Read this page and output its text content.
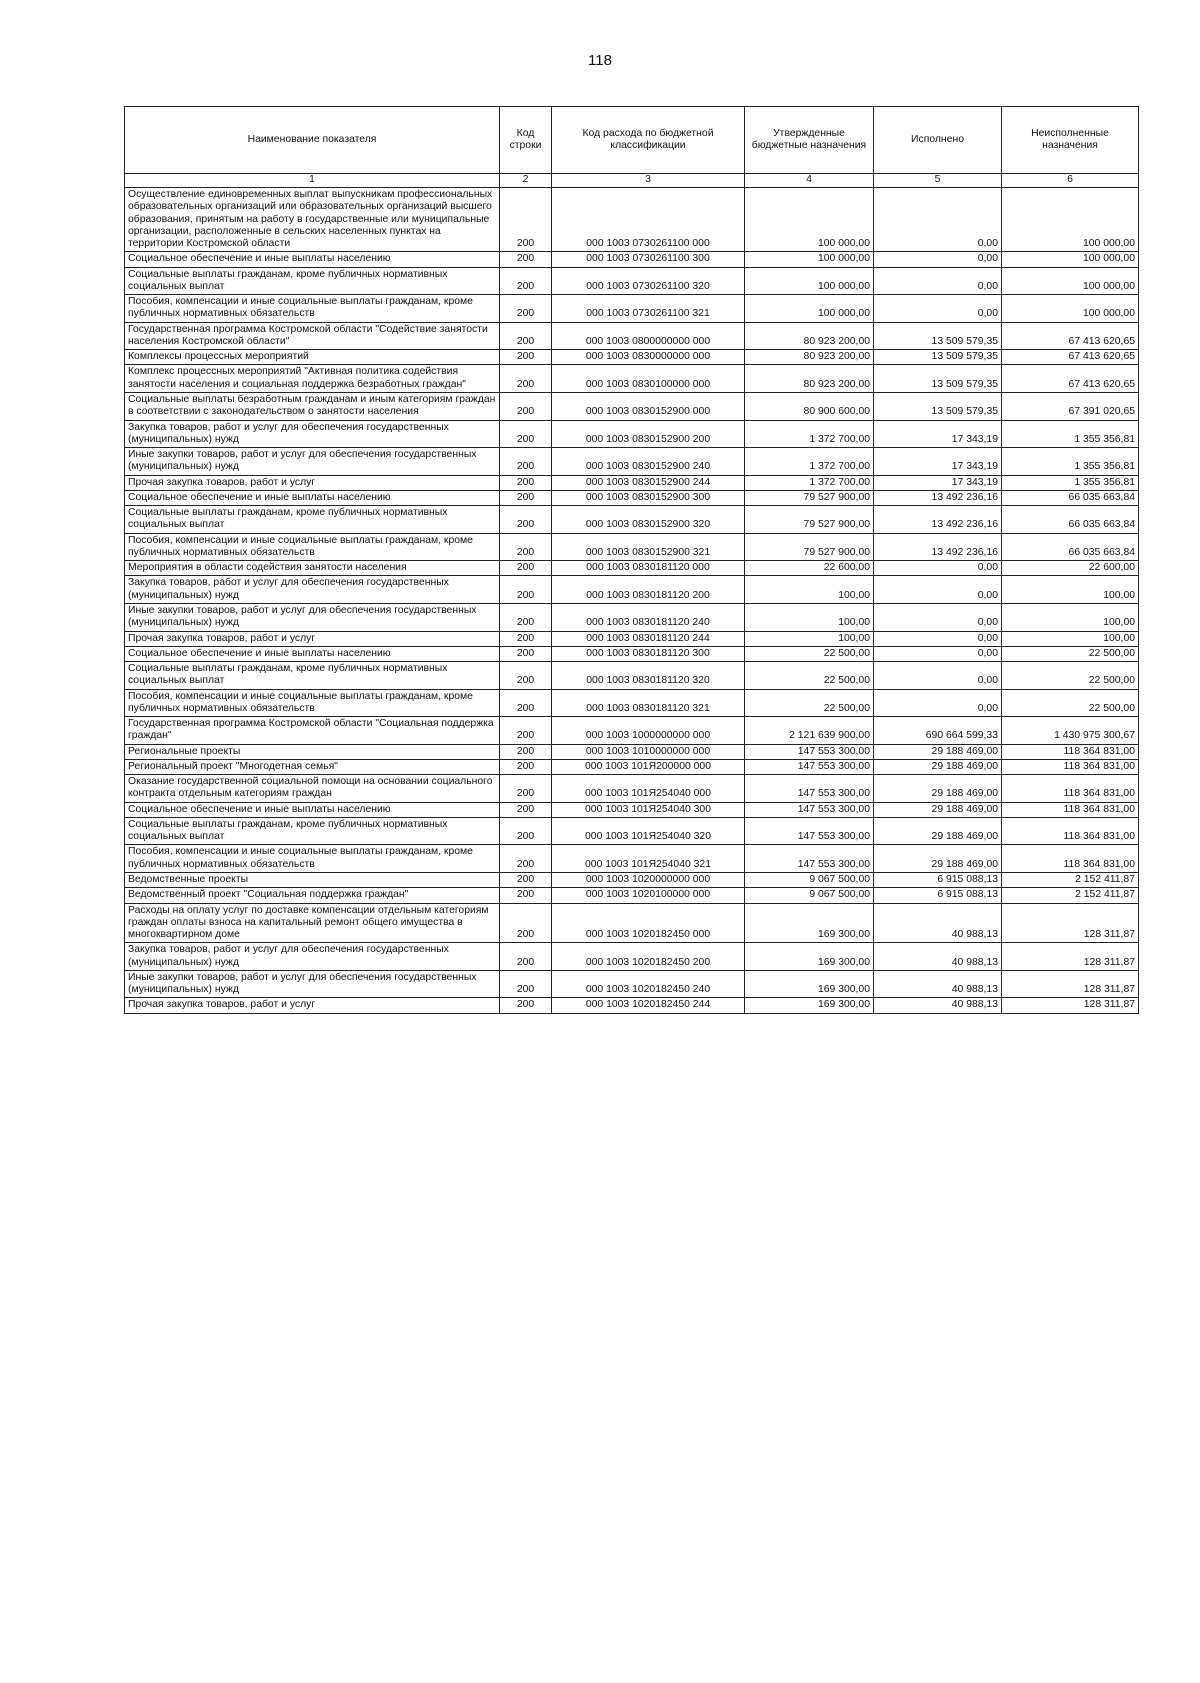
118
Наименование показателя	Код строки	Код расхода по бюджетной классификации	Утвержденные бюджетные назначения	Исполнено	Неисполненные назначения
1	2	3	4	5	6
Осуществление единовременных выплат выпускникам профессиональных образовательных организаций или образовательных организаций высшего образования, принятым на работу в государственные или муниципальные организации, расположенные в сельских населенных пунктах на территории Костромской области	200	000 1003 0730261100 000	100 000,00	0,00	100 000,00
Социальное обеспечение и иные выплаты населению	200	000 1003 0730261100 300	100 000,00	0,00	100 000,00
Социальные выплаты гражданам, кроме публичных нормативных социальных выплат	200	000 1003 0730261100 320	100 000,00	0,00	100 000,00
Пособия, компенсации и иные социальные выплаты гражданам, кроме публичных нормативных обязательств	200	000 1003 0730261100 321	100 000,00	0,00	100 000,00
Государственная программа Костромской области "Содействие занятости населения Костромской области"	200	000 1003 0800000000 000	80 923 200,00	13 509 579,35	67 413 620,65
Комплексы процессных мероприятий	200	000 1003 0830000000 000	80 923 200,00	13 509 579,35	67 413 620,65
Комплекс процессных мероприятий "Активная политика содействия занятости населения и социальная поддержка безработных граждан"	200	000 1003 0830100000 000	80 923 200,00	13 509 579,35	67 413 620,65
Социальные выплаты безработным гражданам и иным категориям граждан в соответствии с законодательством о занятости населения	200	000 1003 0830152900 000	80 900 600,00	13 509 579,35	67 391 020,65
Закупка товаров, работ и услуг для обеспечения государственных (муниципальных) нужд	200	000 1003 0830152900 200	1 372 700,00	17 343,19	1 355 356,81
Иные закупки товаров, работ и услуг для обеспечения государственных (муниципальных) нужд	200	000 1003 0830152900 240	1 372 700,00	17 343,19	1 355 356,81
Прочая закупка товаров, работ и услуг	200	000 1003 0830152900 244	1 372 700,00	17 343,19	1 355 356,81
Социальное обеспечение и иные выплаты населению	200	000 1003 0830152900 300	79 527 900,00	13 492 236,16	66 035 663,84
Социальные выплаты гражданам, кроме публичных нормативных социальных выплат	200	000 1003 0830152900 320	79 527 900,00	13 492 236,16	66 035 663,84
Пособия, компенсации и иные социальные выплаты гражданам, кроме публичных нормативных обязательств	200	000 1003 0830152900 321	79 527 900,00	13 492 236,16	66 035 663,84
Мероприятия в области содействия занятости населения	200	000 1003 0830181120 000	22 600,00	0,00	22 600,00
Закупка товаров, работ и услуг для обеспечения государственных (муниципальных) нужд	200	000 1003 0830181120 200	100,00	0,00	100,00
Иные закупки товаров, работ и услуг для обеспечения государственных (муниципальных) нужд	200	000 1003 0830181120 240	100,00	0,00	100,00
Прочая закупка товаров, работ и услуг	200	000 1003 0830181120 244	100,00	0,00	100,00
Социальное обеспечение и иные выплаты населению	200	000 1003 0830181120 300	22 500,00	0,00	22 500,00
Социальные выплаты гражданам, кроме публичных нормативных социальных выплат	200	000 1003 0830181120 320	22 500,00	0,00	22 500,00
Пособия, компенсации и иные социальные выплаты гражданам, кроме публичных нормативных обязательств	200	000 1003 0830181120 321	22 500,00	0,00	22 500,00
Государственная программа Костромской области "Социальная поддержка граждан"	200	000 1003 1000000000 000	2 121 639 900,00	690 664 599,33	1 430 975 300,67
Региональные проекты	200	000 1003 1010000000 000	147 553 300,00	29 188 469,00	118 364 831,00
Региональный проект "Многодетная семья"	200	000 1003 101Я200000 000	147 553 300,00	29 188 469,00	118 364 831,00
Оказание государственной социальной помощи на основании социального контракта отдельным категориям граждан	200	000 1003 101Я254040 000	147 553 300,00	29 188 469,00	118 364 831,00
Социальное обеспечение и иные выплаты населению	200	000 1003 101Я254040 300	147 553 300,00	29 188 469,00	118 364 831,00
Социальные выплаты гражданам, кроме публичных нормативных социальных выплат	200	000 1003 101Я254040 320	147 553 300,00	29 188 469,00	118 364 831,00
Пособия, компенсации и иные социальные выплаты гражданам, кроме публичных нормативных обязательств	200	000 1003 101Я254040 321	147 553 300,00	29 188 469,00	118 364 831,00
Ведомственные проекты	200	000 1003 1020000000 000	9 067 500,00	6 915 088,13	2 152 411,87
Ведомственный проект "Социальная поддержка граждан"	200	000 1003 1020100000 000	9 067 500,00	6 915 088,13	2 152 411,87
Расходы на оплату услуг по доставке компенсации отдельным категориям граждан оплаты взноса на капитальный ремонт общего имущества в многоквартирном доме	200	000 1003 1020182450 000	169 300,00	40 988,13	128 311,87
Закупка товаров, работ и услуг для обеспечения государственных (муниципальных) нужд	200	000 1003 1020182450 200	169 300,00	40 988,13	128 311,87
Иные закупки товаров, работ и услуг для обеспечения государственных (муниципальных) нужд	200	000 1003 1020182450 240	169 300,00	40 988,13	128 311,87
Прочая закупка товаров, работ и услуг	200	000 1003 1020182450 244	169 300,00	40 988,13	128 311,87
